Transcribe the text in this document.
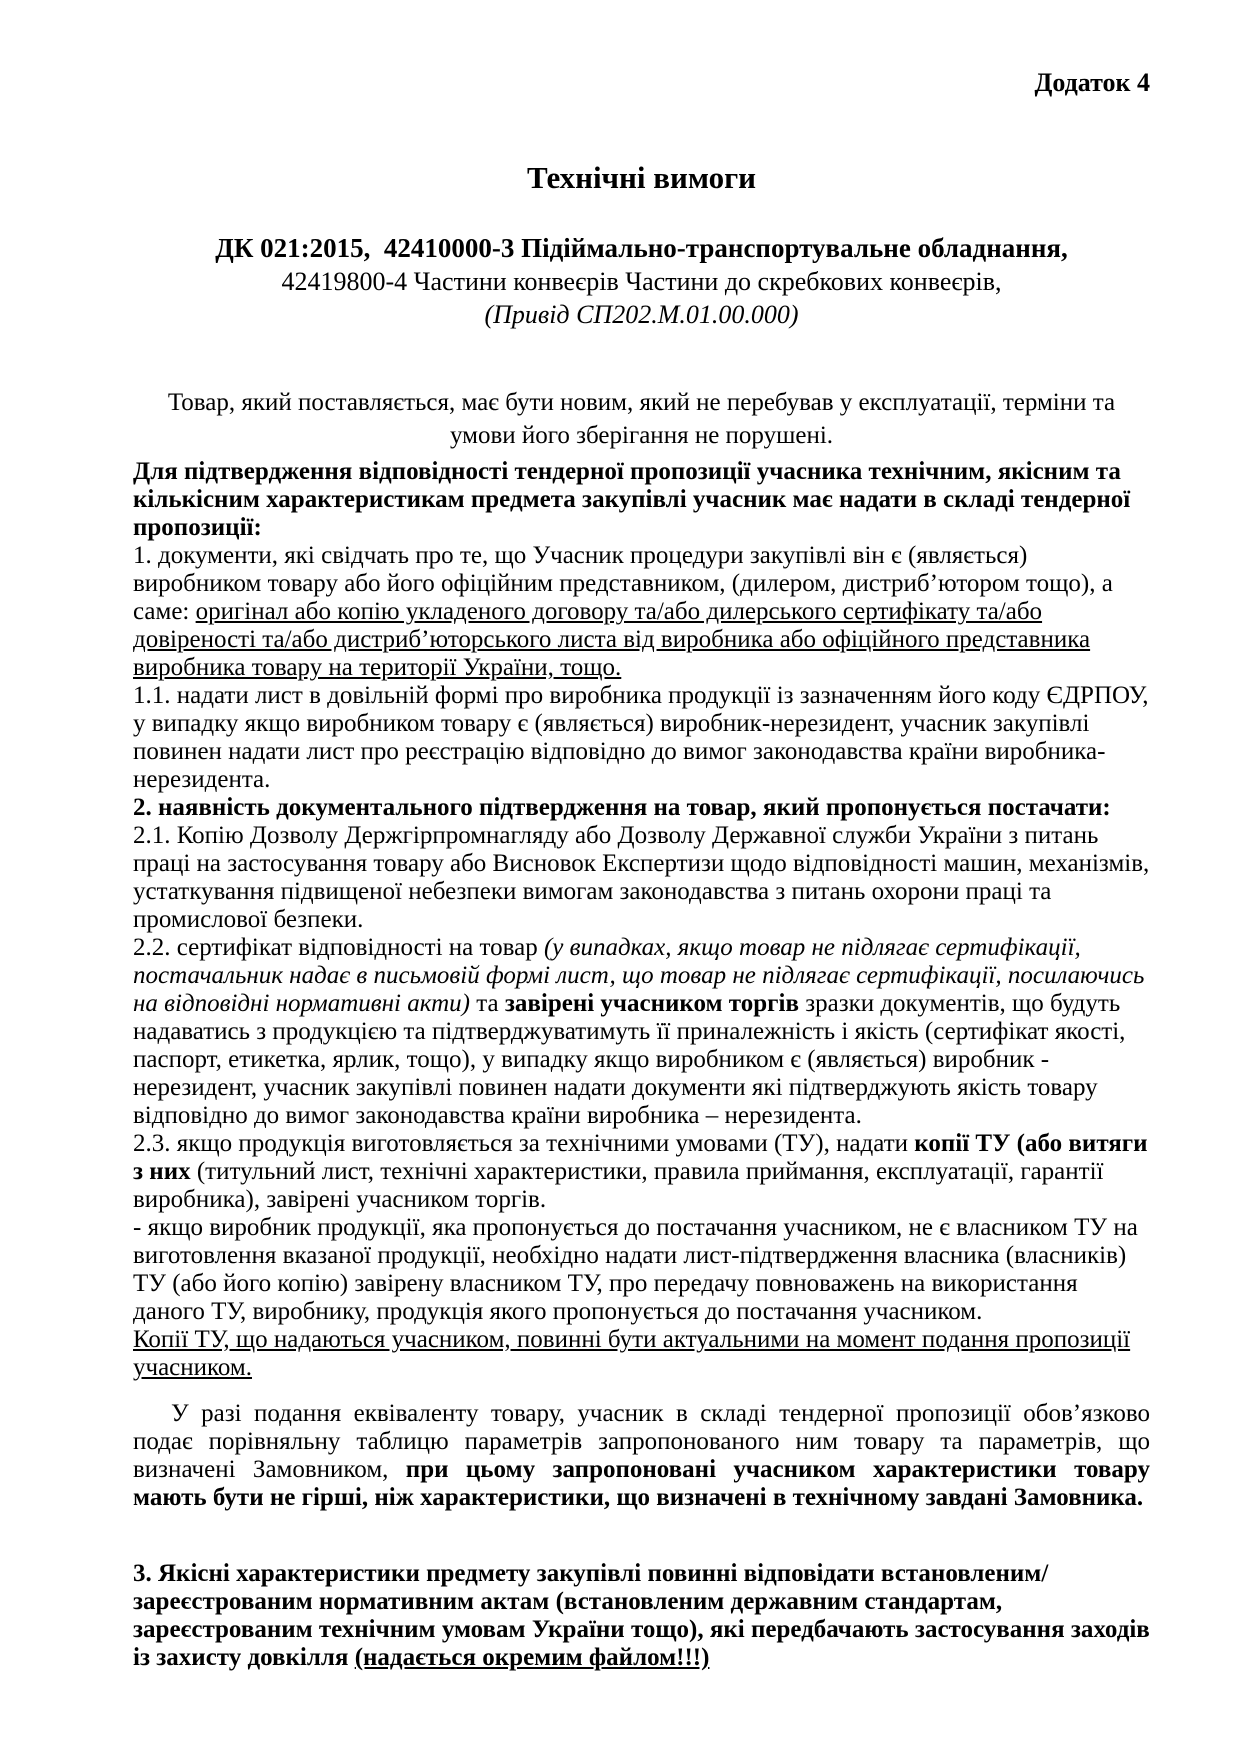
Додаток 4
Технічні вимоги
ДК 021:2015,  42410000-3 Підіймально-транспортувальне обладнання,
42419800-4 Частини конвеєрів Частини до скребкових конвеєрів,
(Привід СП202.М.01.00.000)
Товар, який поставляється, має бути новим, який не перебував у експлуатації, терміни та умови його зберігання не порушені.
Для підтвердження відповідності тендерної пропозиції учасника технічним, якісним та кількісним характеристикам предмета закупівлі учасник має надати в складі тендерної пропозиції:
1. документи, які свідчать про те, що Учасник процедури закупівлі він є (являється) виробником товару або його офіційним представником, (дилером, дистриб’ютором тощо), а саме: оригінал або копію укладеного договору та/або дилерського сертифікату та/або довіреності та/або дистриб’юторського листа від виробника або офіційного представника виробника товару на території України, тощо.
1.1. надати лист в довільній формі про виробника продукції із зазначенням його коду ЄДРПОУ, у випадку якщо виробником товару є (являється) виробник-нерезидент, учасник закупівлі повинен надати лист про реєстрацію відповідно до вимог законодавства країни виробника-нерезидента.
2. наявність документального підтвердження на товар, який пропонується постачати:
2.1. Копію Дозволу Держгірпромнагляду або Дозволу Державної служби України з питань праці на застосування товару або Висновок Експертизи щодо відповідності машин, механізмів, устаткування підвищеної небезпеки вимогам законодавства з питань охорони праці та промислової безпеки.
2.2. сертифікат відповідності на товар (у випадках, якщо товар не підлягає сертифікації, постачальник надає в письмовій формі лист, що товар не підлягає сертифікації, посилаючись на відповідні нормативні акти) та завірені учасником торгів зразки документів, що будуть надаватись з продукцією та підтверджуватимуть її приналежність і якість (сертифікат якості, паспорт, етикетка, ярлик, тощо), у випадку якщо виробником є (являється) виробник - нерезидент, учасник закупівлі повинен надати документи які підтверджують якість товару відповідно до вимог законодавства країни виробника – нерезидента.
2.3. якщо продукція виготовляється за технічними умовами (ТУ), надати копії ТУ (або витяги з них (титульний лист, технічні характеристики, правила приймання, експлуатації, гарантії виробника), завірені учасником торгів.
- якщо виробник продукції, яка пропонується до постачання учасником, не є власником ТУ на виготовлення вказаної продукції, необхідно надати лист-підтвердження власника (власників) ТУ (або його копію) завірену власником ТУ, про передачу повноважень на використання даного ТУ, виробнику, продукція якого пропонується до постачання учасником.
Копії ТУ, що надаються учасником, повинні бути актуальними на момент подання пропозиції учасником.
У разі подання еквіваленту товару, учасник в складі тендерної пропозиції обов’язково подає порівняльну таблицю параметрів запропонованого ним товару та параметрів, що визначені Замовником, при цьому запропоновані учасником характеристики товару мають бути не гірші, ніж характеристики, що визначені в технічному завдані Замовника.
3. Якісні характеристики предмету закупівлі повинні відповідати встановленим/зареєстрованим нормативним актам (встановленим державним стандартам, зареєстрованим технічним умовам України тощо), які передбачають застосування заходів із захисту довкілля (надається окремим файлом!!!)
